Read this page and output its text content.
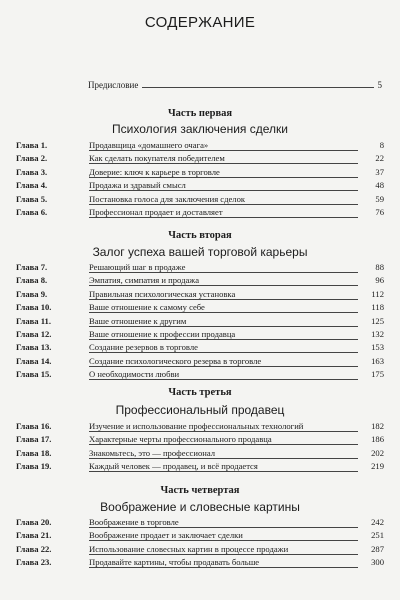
СОДЕРЖАНИЕ
Предисловие	5
Часть первая
Психология заключения сделки
Глава 1.	Продавщица «домашнего очага»	8
Глава 2.	Как сделать покупателя победителем	22
Глава 3.	Доверие: ключ к карьере в торговле	37
Глава 4.	Продажа и здравый смысл	48
Глава 5.	Постановка голоса для заключения сделок	59
Глава 6.	Профессионал продает и доставляет	76
Часть вторая
Залог успеха вашей торговой карьеры
Глава 7.	Решающий шаг в продаже	88
Глава 8.	Эмпатия, симпатия и продажа	96
Глава 9.	Правильная психологическая установка	112
Глава 10.	Ваше отношение к самому себе	118
Глава 11.	Ваше отношение к другим	125
Глава 12.	Ваше отношение к профессии продавца	132
Глава 13.	Создание резервов в торговле	153
Глава 14.	Создание психологического резерва в торговле	163
Глава 15.	О необходимости любви	175
Часть третья
Профессиональный продавец
Глава 16.	Изучение и использование профессиональных технологий	182
Глава 17.	Характерные черты профессионального продавца	186
Глава 18.	Знакомьтесь, это — профессионал	202
Глава 19.	Каждый человек — продавец, и всё продается	219
Часть четвертая
Воображение и словесные картины
Глава 20.	Воображение в торговле	242
Глава 21.	Воображение продает и заключает сделки	251
Глава 22.	Использование словесных картин в процессе продажи	287
Глава 23.	Продавайте картины, чтобы продавать больше	300
